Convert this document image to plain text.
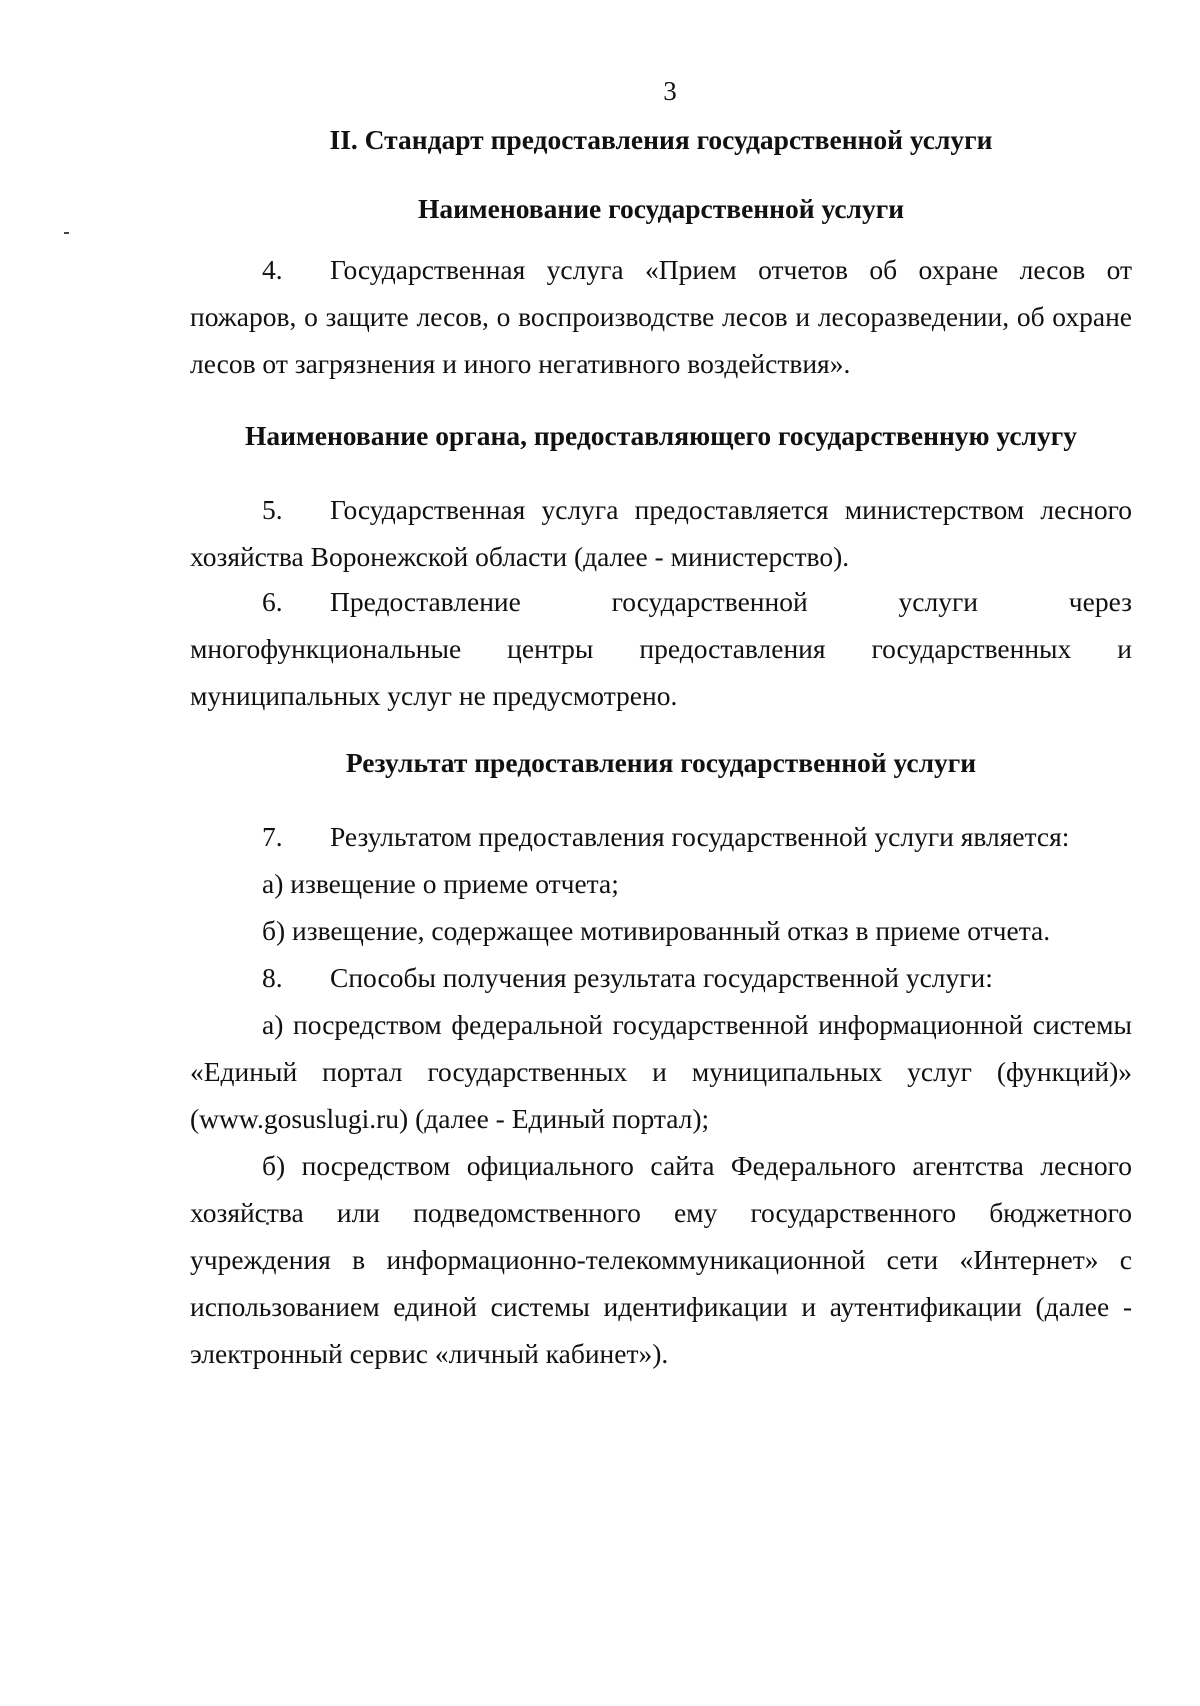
3
II. Стандарт предоставления государственной услуги
Наименование государственной услуги

4. Государственная услуга «Прием отчетов об охране лесов от пожаров, о защите лесов, о воспроизводстве лесов и лесоразведении, об охране лесов от загрязнения и иного негативного воздействия».

Наименование органа, предоставляющего государственную услугу

5. Государственная услуга предоставляется министерством лесного хозяйства Воронежской области (далее - министерство).

6. Предоставление государственной услуги через многофункциональные центры предоставления государственных и муниципальных услуг не предусмотрено.

Результат предоставления государственной услуги

7. Результатом предоставления государственной услуги является:

а) извещение о приеме отчета;

б) извещение, содержащее мотивированный отказ в приеме отчета.

8. Способы получения результата государственной услуги:

а) посредством федеральной государственной информационной системы «Единый портал государственных и муниципальных услуг (функций)» (www.gosuslugi.ru) (далее - Единый портал);

б) посредством официального сайта Федерального агентства лесного хозяйства или подведомственного ему государственного бюджетного учреждения в информационно-телекоммуникационной сети «Интернет» с использованием единой системы идентификации и аутентификации (далее - электронный сервис «личный кабинет»).
